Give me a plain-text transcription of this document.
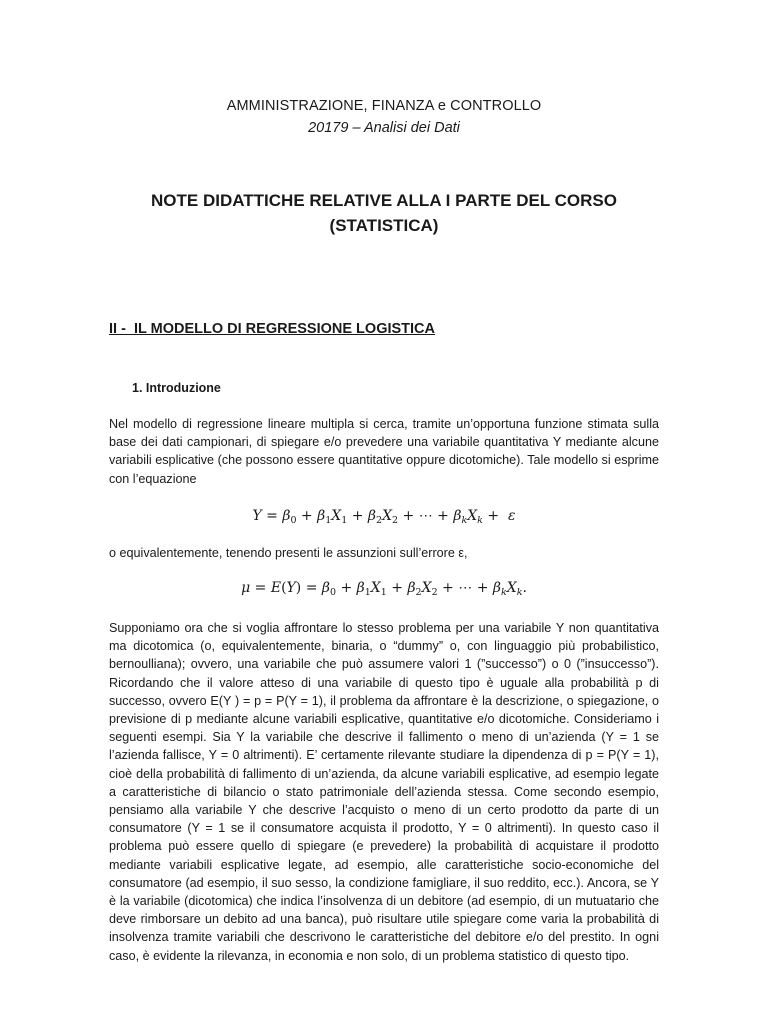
AMMINISTRAZIONE, FINANZA e CONTROLLO
20179 – Analisi dei Dati
NOTE DIDATTICHE RELATIVE ALLA I PARTE DEL CORSO
(STATISTICA)
II -  IL MODELLO DI REGRESSIONE LOGISTICA
1. Introduzione
Nel modello di regressione lineare multipla si cerca, tramite un’opportuna funzione stimata sulla base dei dati campionari, di spiegare e/o prevedere una variabile quantitativa Y mediante alcune variabili esplicative (che possono essere quantitative oppure dicotomiche). Tale modello si esprime con l’equazione
$Y = \beta_0 + \beta_1X_1 + \beta_2X_2$ + ⋯ + $\beta_kX_k + \varepsilon$
o equivalentemente, tenendo presenti le assunzioni sull’errore ε,
$\mu = E(Y) = \beta_0 + \beta_1X_1 + \beta_2X_2$ + ⋯ + $\beta_kX_k$.
Supponiamo ora che si voglia affrontare lo stesso problema per una variabile Y non quantitativa ma dicotomica (o, equivalentemente, binaria, o “dummy” o, con linguaggio più probabilistico, bernoulliana); ovvero, una variabile che può assumere valori 1 (”successo”) o 0 (”insuccesso”). Ricordando che il valore atteso di una variabile di questo tipo è uguale alla probabilità p di successo, ovvero E(Y ) = p = P(Y = 1), il problema da affrontare è la descrizione, o spiegazione, o previsione di p mediante alcune variabili esplicative, quantitative e/o dicotomiche. Consideriamo i seguenti esempi. Sia Y la variabile che descrive il fallimento o meno di un’azienda (Y = 1 se l’azienda fallisce, Y = 0 altrimenti). E’ certamente rilevante studiare la dipendenza di p = P(Y = 1), cioè della probabilità di fallimento di un’azienda, da alcune variabili esplicative, ad esempio legate a caratteristiche di bilancio o stato patrimoniale dell’azienda stessa. Come secondo esempio, pensiamo alla variabile Y che descrive l’acquisto o meno di un certo prodotto da parte di un consumatore (Y = 1 se il consumatore acquista il prodotto, Y = 0 altrimenti). In questo caso il problema può essere quello di spiegare (e prevedere) la probabilità di acquistare il prodotto mediante variabili esplicative legate, ad esempio, alle caratteristiche socio-economiche del consumatore (ad esempio, il suo sesso, la condizione famigliare, il suo reddito, ecc.). Ancora, se Y è la variabile (dicotomica) che indica l’insolvenza di un debitore (ad esempio, di un mutuatario che deve rimborsare un debito ad una banca), può risultare utile spiegare come varia la probabilità di insolvenza tramite variabili che descrivono le caratteristiche del debitore e/o del prestito. In ogni caso, è evidente la rilevanza, in economia e non solo, di un problema statistico di questo tipo.
